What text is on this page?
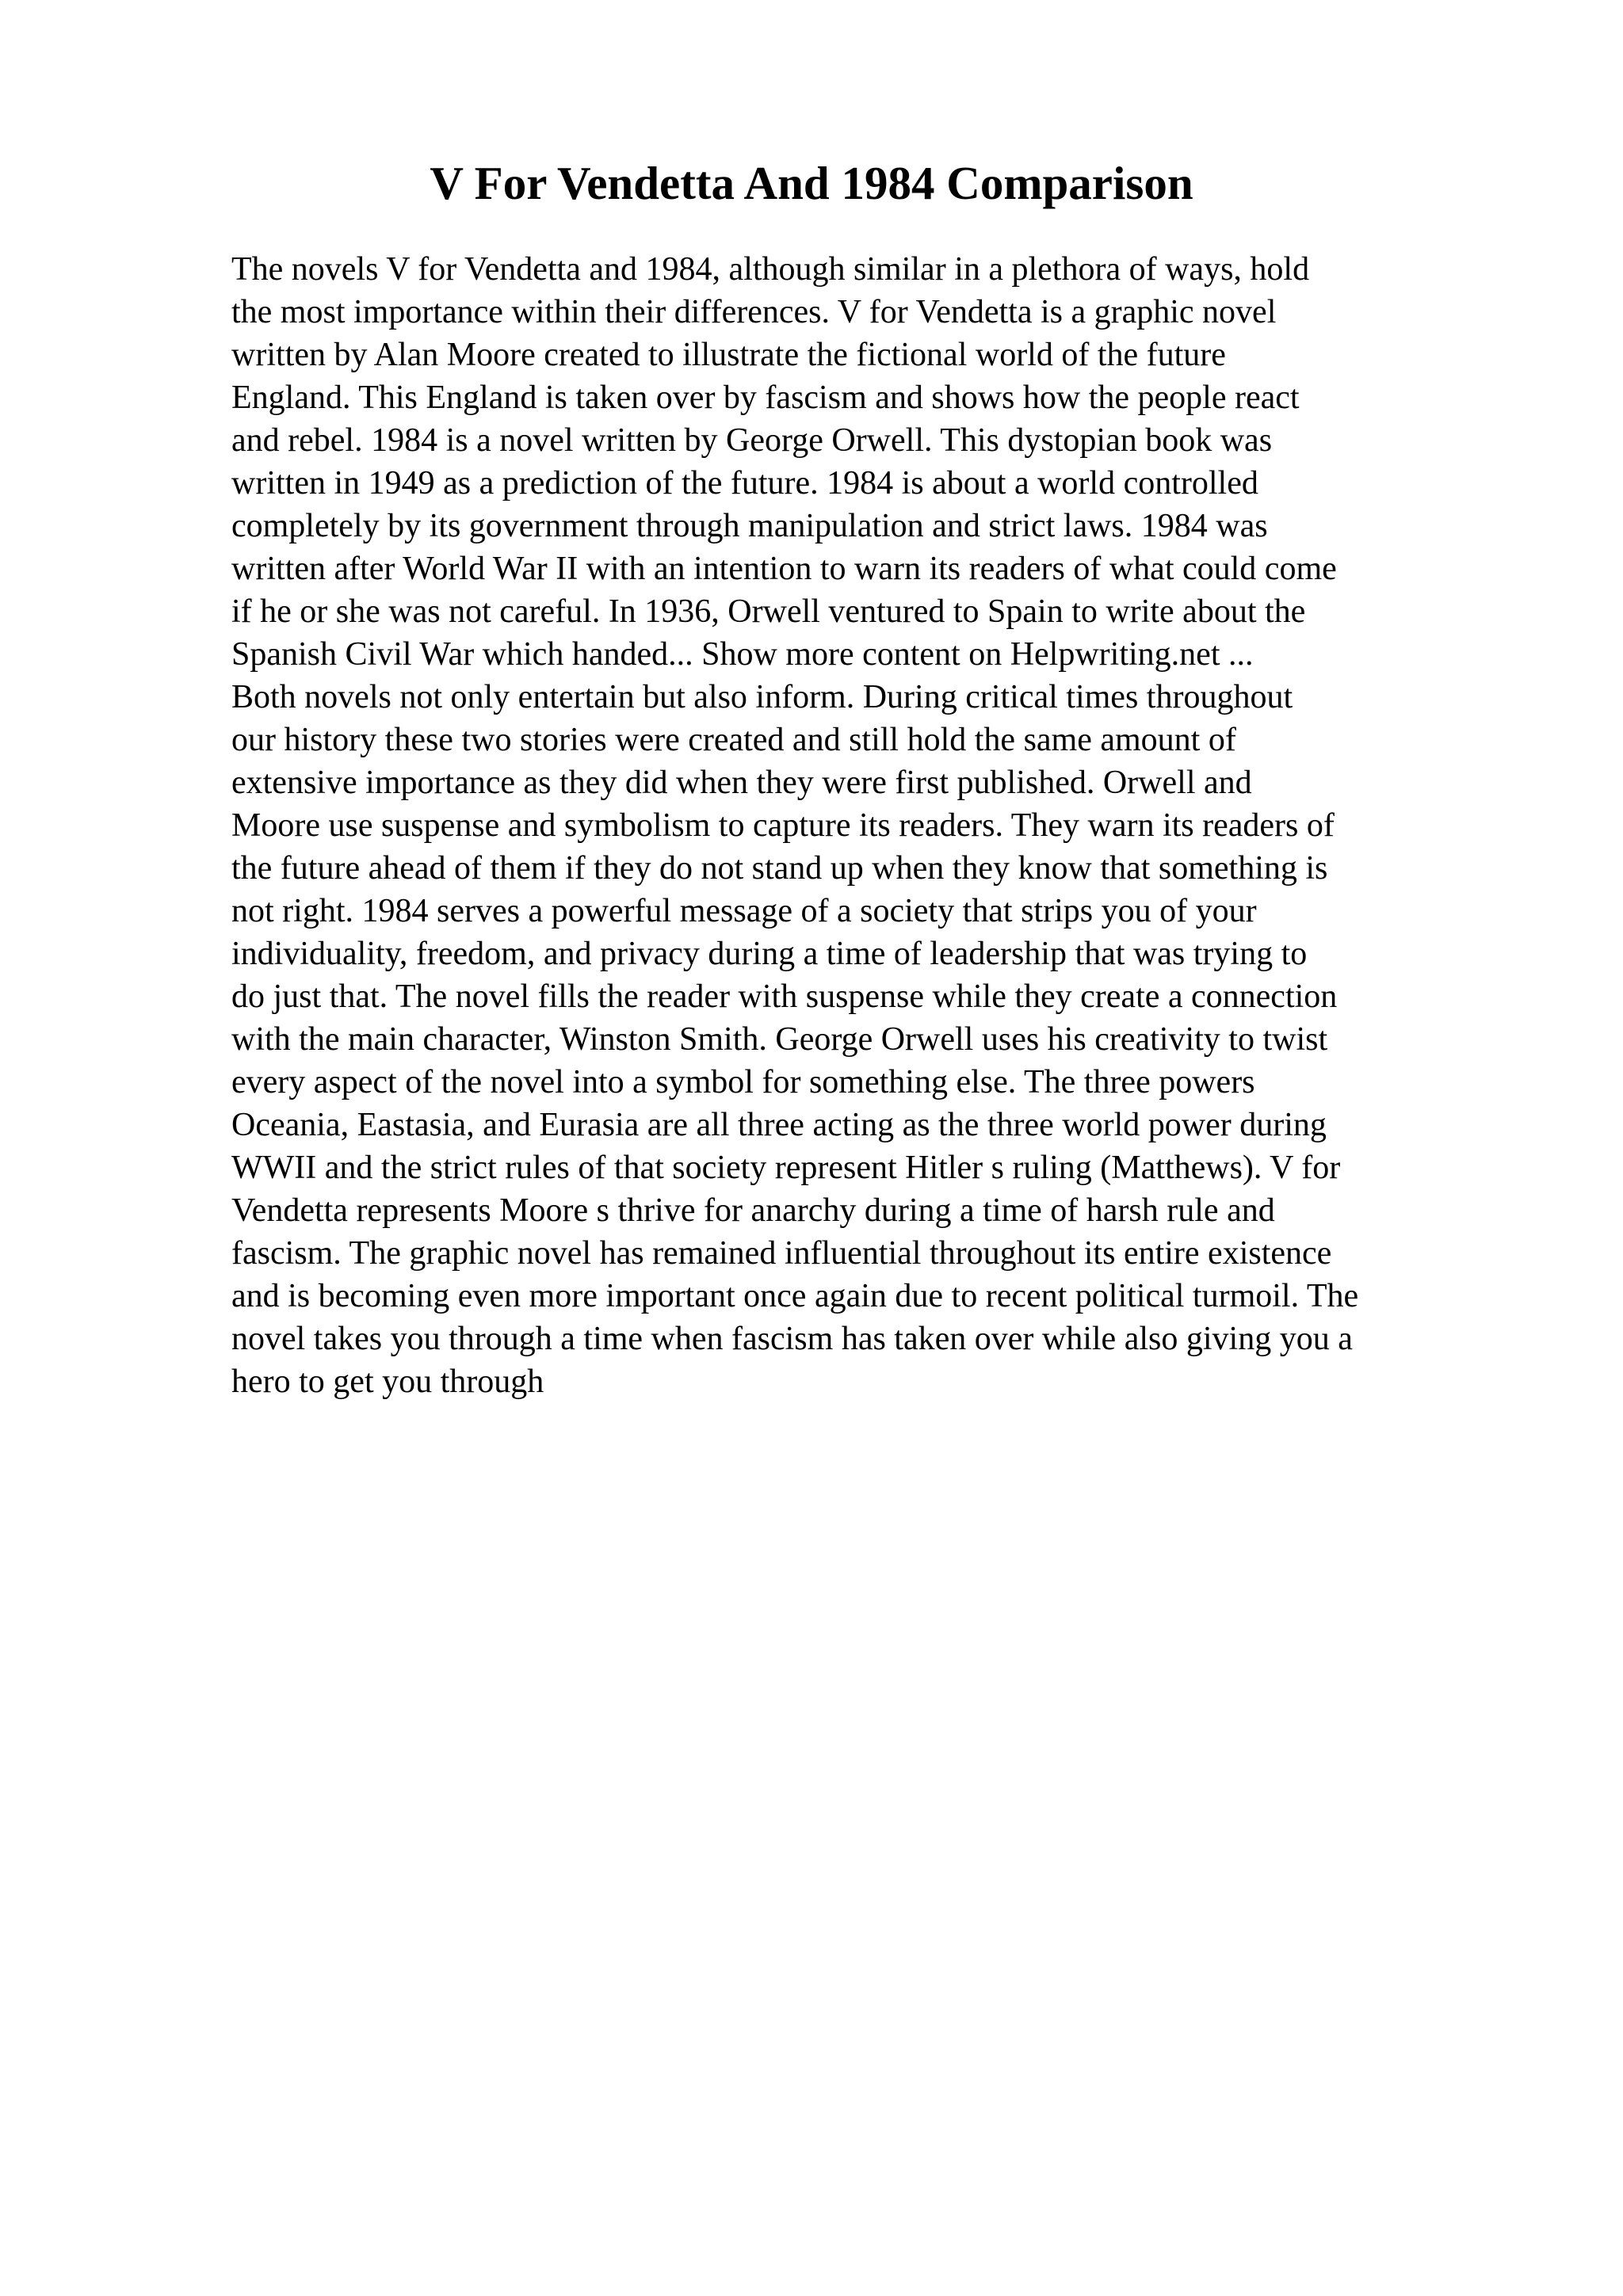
V For Vendetta And 1984 Comparison
The novels V for Vendetta and 1984, although similar in a plethora of ways, hold
the most importance within their differences. V for Vendetta is a graphic novel
written by Alan Moore created to illustrate the fictional world of the future
England. This England is taken over by fascism and shows how the people react
and rebel. 1984 is a novel written by George Orwell. This dystopian book was
written in 1949 as a prediction of the future. 1984 is about a world controlled
completely by its government through manipulation and strict laws. 1984 was
written after World War II with an intention to warn its readers of what could come
if he or she was not careful. In 1936, Orwell ventured to Spain to write about the
Spanish Civil War which handed... Show more content on Helpwriting.net ...
Both novels not only entertain but also inform. During critical times throughout
our history these two stories were created and still hold the same amount of
extensive importance as they did when they were first published. Orwell and
Moore use suspense and symbolism to capture its readers. They warn its readers of
the future ahead of them if they do not stand up when they know that something is
not right. 1984 serves a powerful message of a society that strips you of your
individuality, freedom, and privacy during a time of leadership that was trying to
do just that. The novel fills the reader with suspense while they create a connection
with the main character, Winston Smith. George Orwell uses his creativity to twist
every aspect of the novel into a symbol for something else. The three powers
Oceania, Eastasia, and Eurasia are all three acting as the three world power during
WWII and the strict rules of that society represent Hitler s ruling (Matthews). V for
Vendetta represents Moore s thrive for anarchy during a time of harsh rule and
fascism. The graphic novel has remained influential throughout its entire existence
and is becoming even more important once again due to recent political turmoil. The
novel takes you through a time when fascism has taken over while also giving you a
hero to get you through
